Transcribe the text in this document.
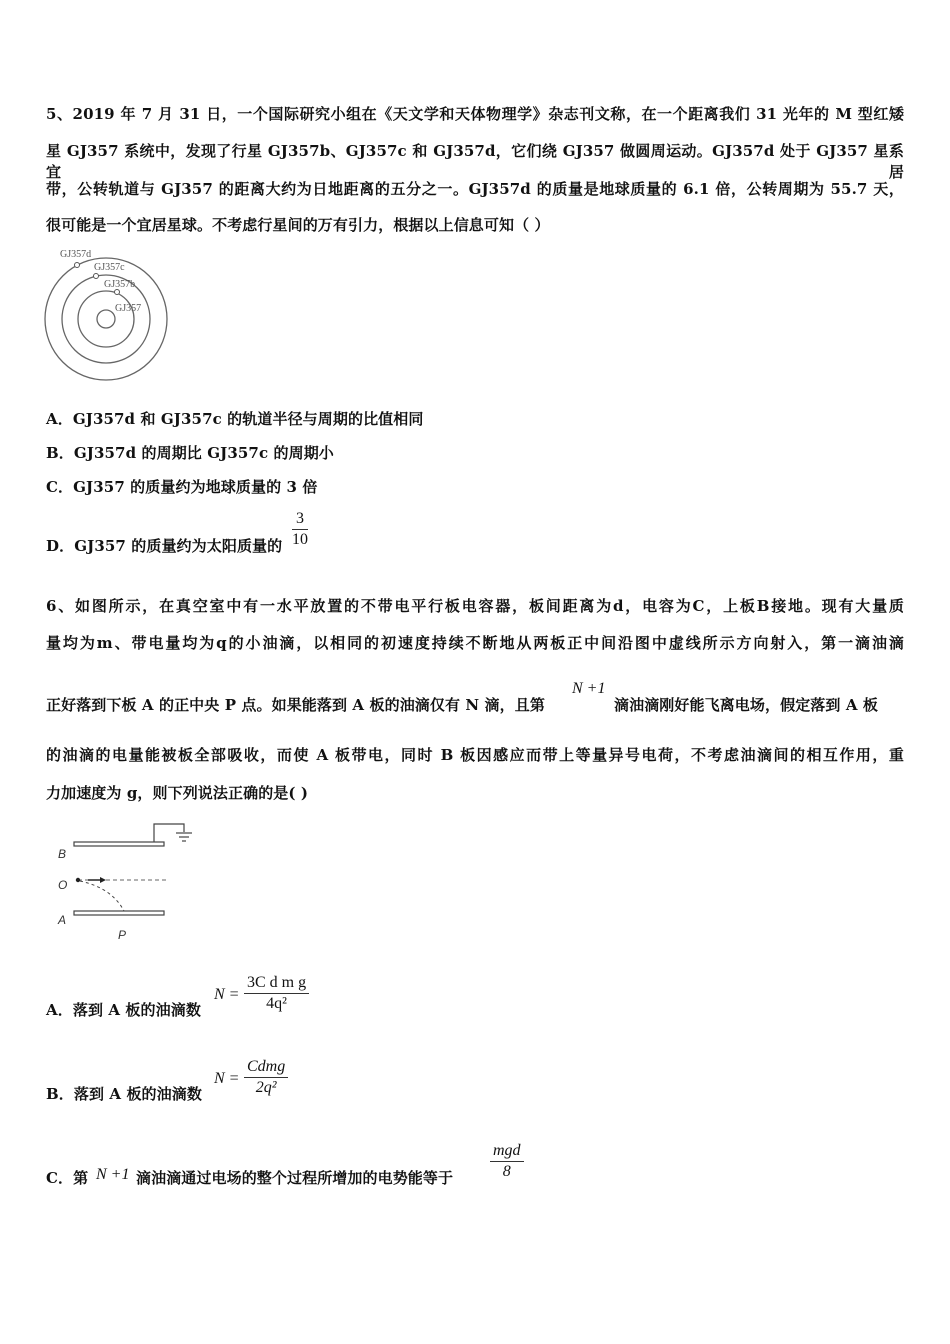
5、2019 年 7 月 31 日，一个国际研究小组在《天文学和天体物理学》杂志刊文称，在一个距离我们 31 光年的 M 型红矮
星 GJ357 系统中，发现了行星 GJ357b、GJ357c 和 GJ357d，它们绕 GJ357 做圆周运动。GJ357d 处于 GJ357 星系宜居
带，公转轨道与 GJ357 的距离大约为日地距离的五分之一。GJ357d 的质量是地球质量的 6.1 倍，公转周期为 55.7 天，
很可能是一个宜居星球。不考虑行星间的万有引力，根据以上信息可知（ ）
GJ357d
GJ357c
GJ357b
GJ357
A．GJ357d 和 GJ357c 的轨道半径与周期的比值相同
B．GJ357d 的周期比 GJ357c 的周期小
C．GJ357 的质量约为地球质量的 3 倍
D．GJ357 的质量约为太阳质量的 $\frac{3}{10}$
6、如图所示，在真空室中有一水平放置的不带电平行板电容器，板间距离为d，电容为C，上板B接地。现有大量质
量均为m、带电量均为q的小油滴，以相同的初速度持续不断地从两板正中间沿图中虚线所示方向射入，第一滴油滴
正好落到下板 A 的正中央 P 点。如果能落到 A 板的油滴仅有 N 滴，且第
N +1
滴油滴刚好能飞离电场，假定落到 A 板
的油滴的电量能被板全部吸收，而使 A 板带电，同时 B 板因感应而带上等量异号电荷，不考虑油滴间的相互作用，重
力加速度为 g，则下列说法正确的是( )
B
O
A
P
A．落到 A 板的油滴数
$N = \frac{\text{3C d m g}}{\text{4q²}}$
B．落到 A 板的油滴数
N =
Cdmg
2q²
C．第 N +1 滴油滴通过电场的整个过程所增加的电势能等于
mgd
8
